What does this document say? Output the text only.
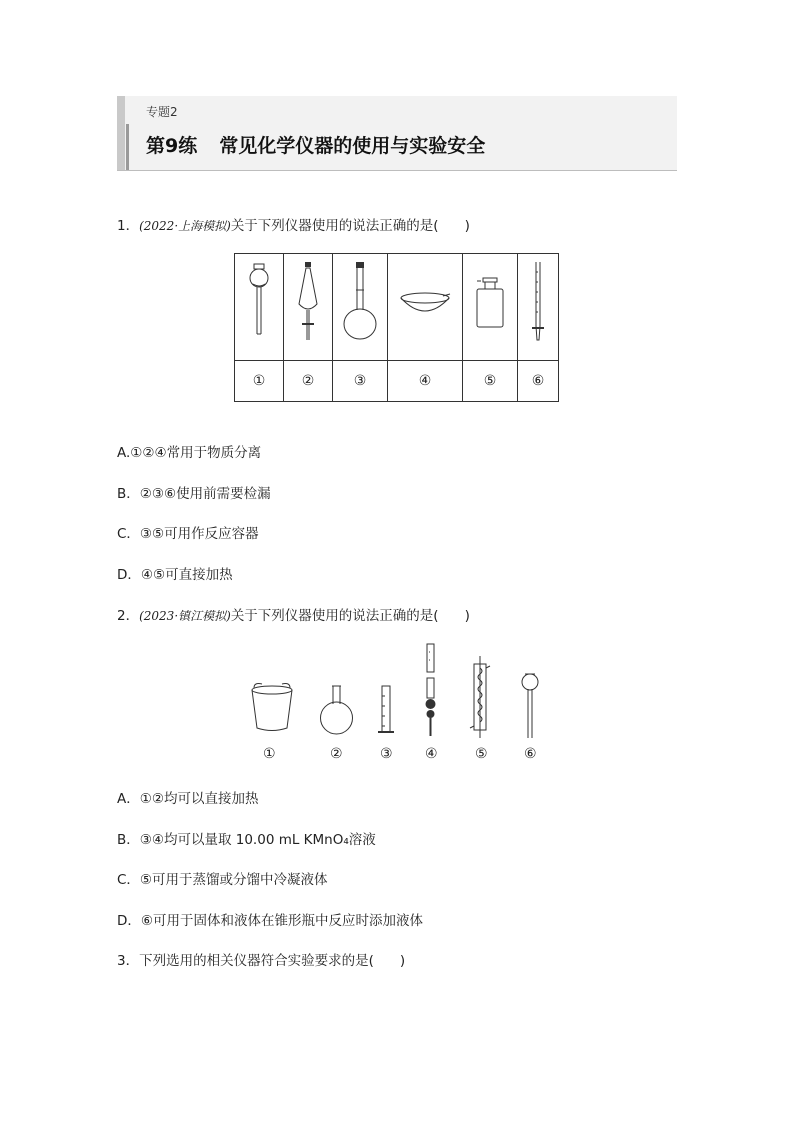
专题2
第9练 常见化学仪器的使用与实验安全
1．(2022·上海模拟)关于下列仪器使用的说法正确的是( )

①	②	③	④	⑤	⑥
A.①②④常用于物质分离
B．②③⑥使用前需要检漏
C．③⑤可用作反应容器
D．④⑤可直接加热
2．(2023·镇江模拟)关于下列仪器使用的说法正确的是( )
①	②	③ ④	⑤	⑥
A．①②均可以直接加热
B．③④均可以量取 10.00 mL KMnO₄溶液
C．⑤可用于蒸馏或分馏中冷凝液体
D．⑥可用于固体和液体在锥形瓶中反应时添加液体
3．下列选用的相关仪器符合实验要求的是( )
